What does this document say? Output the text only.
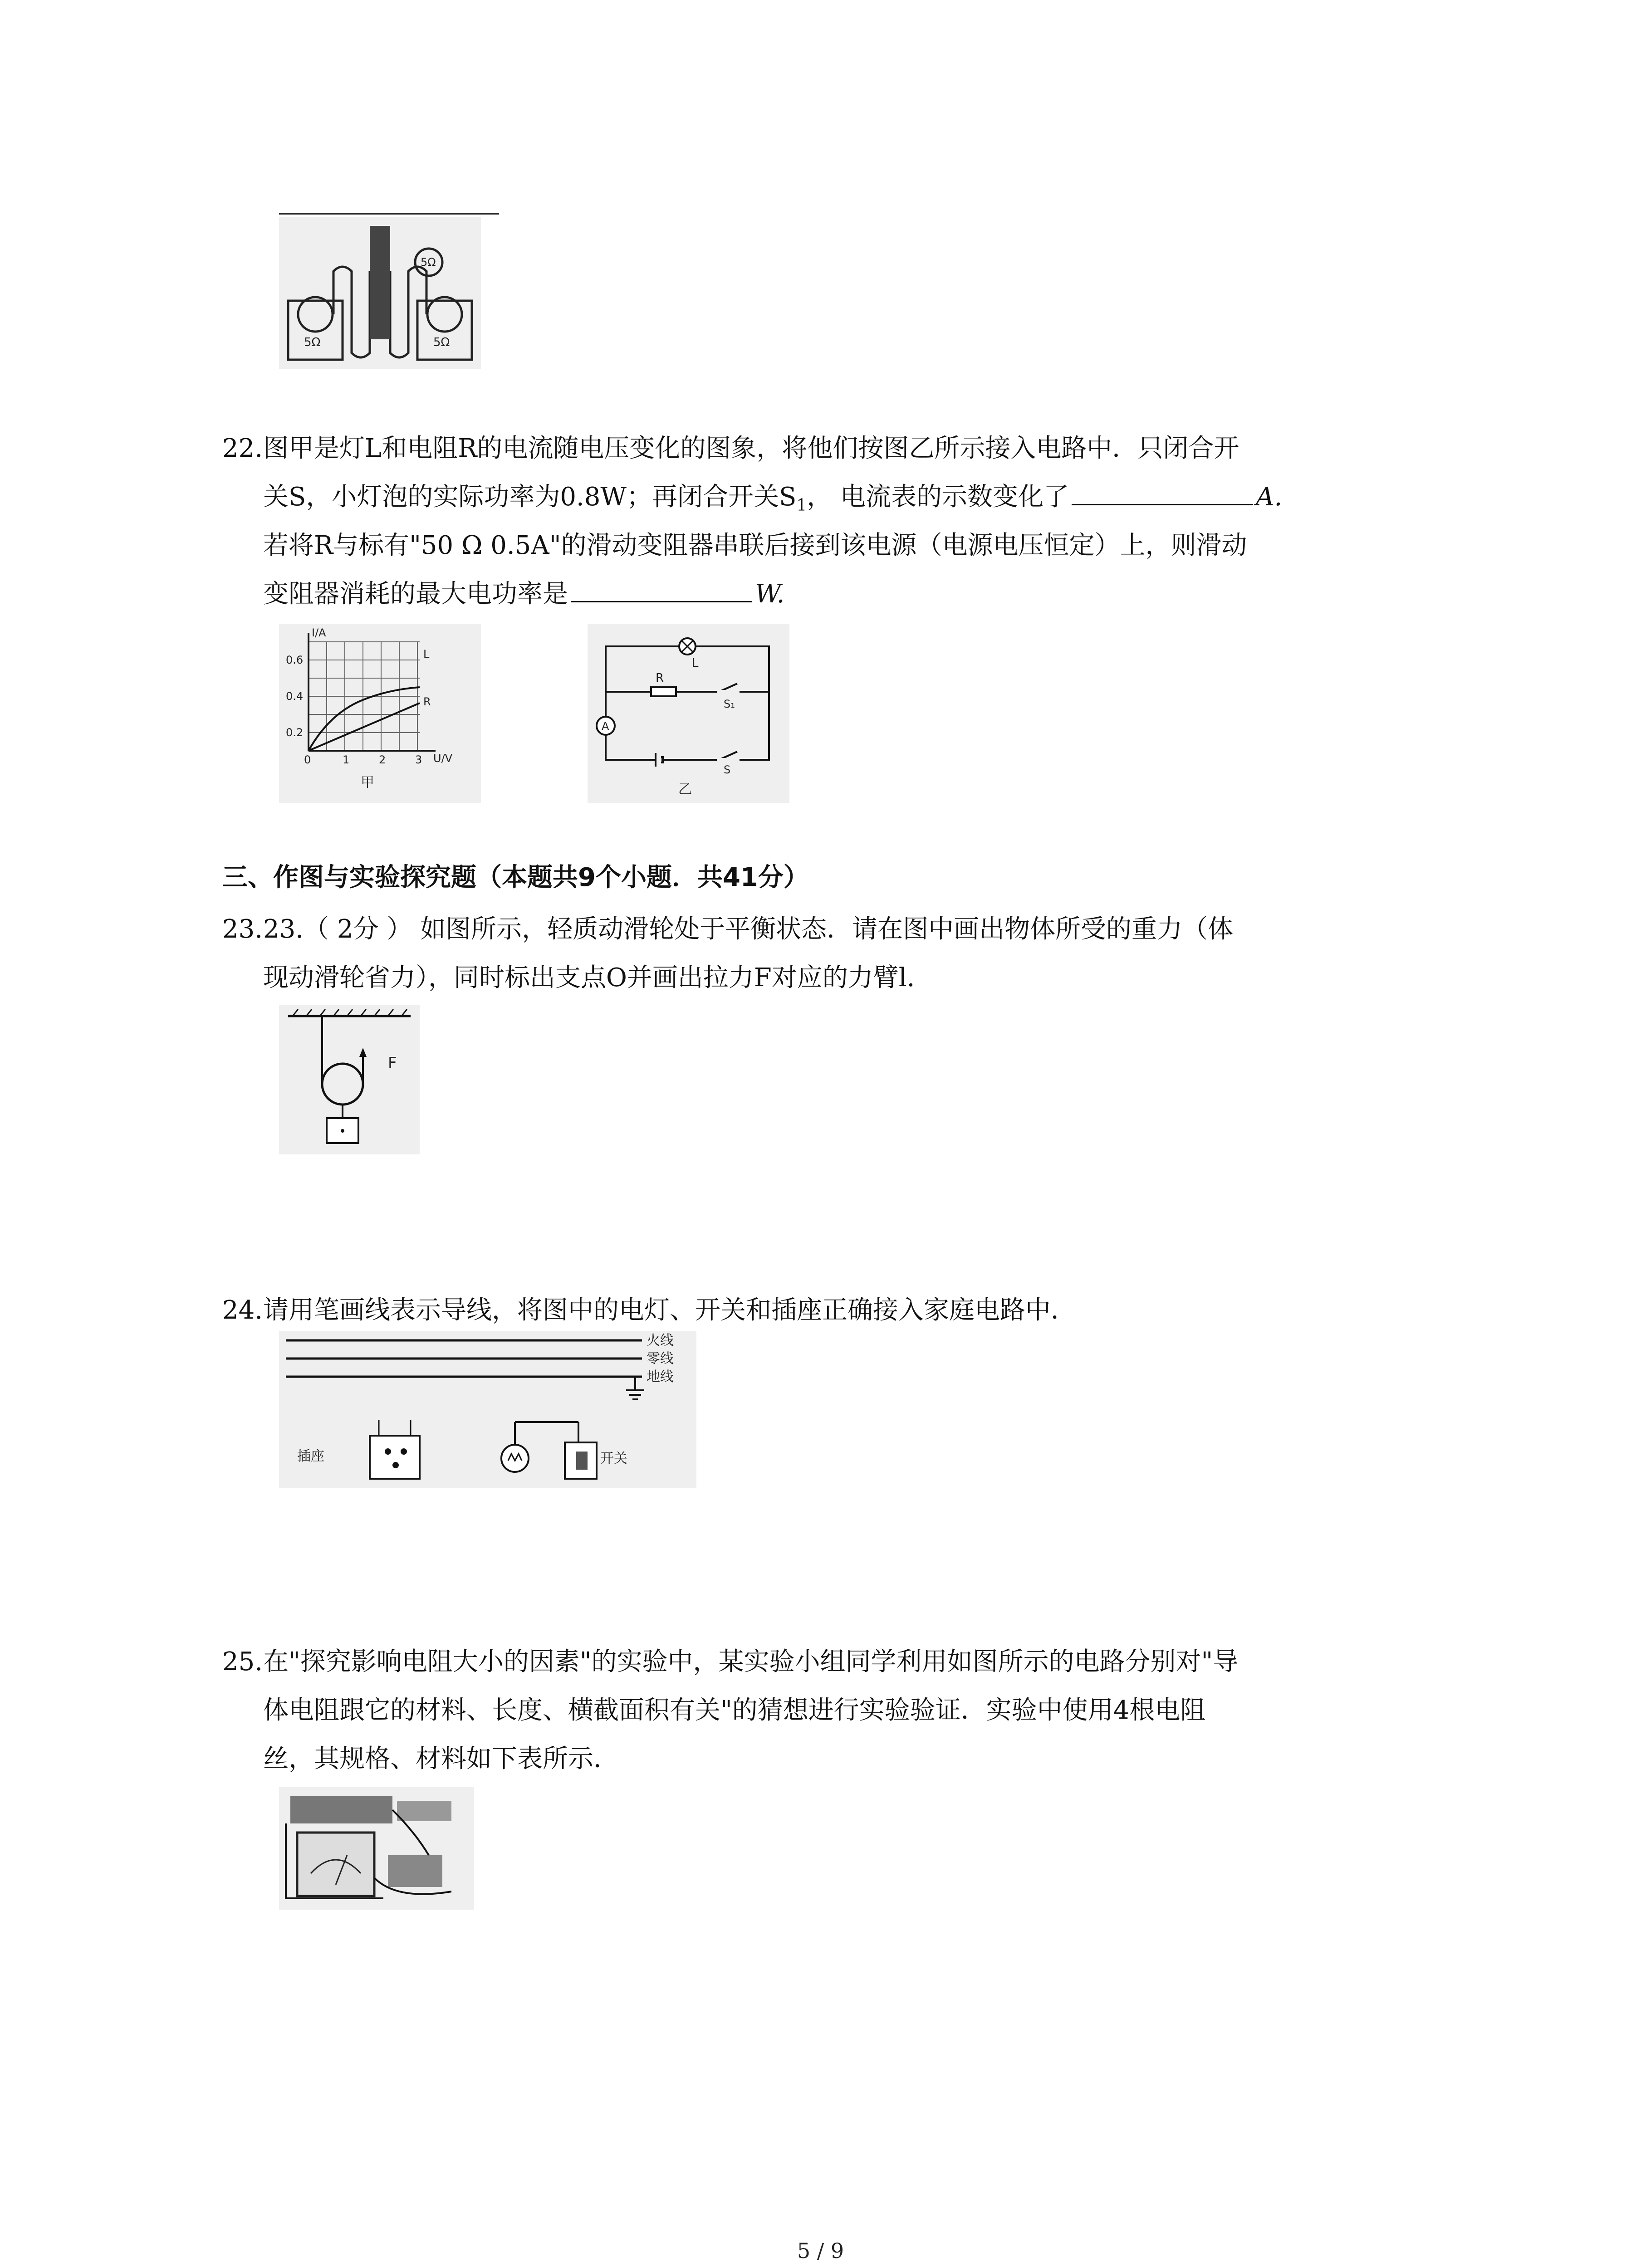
5Ω	5Ω
5Ω
22. 图甲是灯L和电阻R的电流随电压变化的图象，将他们按图乙所示接入电路中．只闭合开
关S，小灯泡的实际功率为0.8W；再闭合开关$S_1$， 电流表的示数变化了	A.
若将R与标有"50 Ω 0.5A"的滑动变阻器串联后接到该电源（电源电压恒定）上，则滑动
变阻器消耗的最大电功率是	W.
I/A
U/V
0.6
0.4
0.2
0	1	2	3
L
R
甲
L
R
A
S₁
S
乙
三、作图与实验探究题（本题共9个小题．共41分）
23. 23.（ 2分 ） 如图所示，轻质动滑轮处于平衡状态．请在图中画出物体所受的重力（体
现动滑轮省力），同时标出支点O并画出拉力F对应的力臂l.
F
24. 请用笔画线表示导线，将图中的电灯、开关和插座正确接入家庭电路中．
火线
零线
地线
插座	开关
25. 在"探究影响电阻大小的因素"的实验中，某实验小组同学利用如图所示的电路分别对"导
体电阻跟它的材料、长度、横截面积有关"的猜想进行实验验证．实验中使用4根电阻
丝，其规格、材料如下表所示．
5 / 9
